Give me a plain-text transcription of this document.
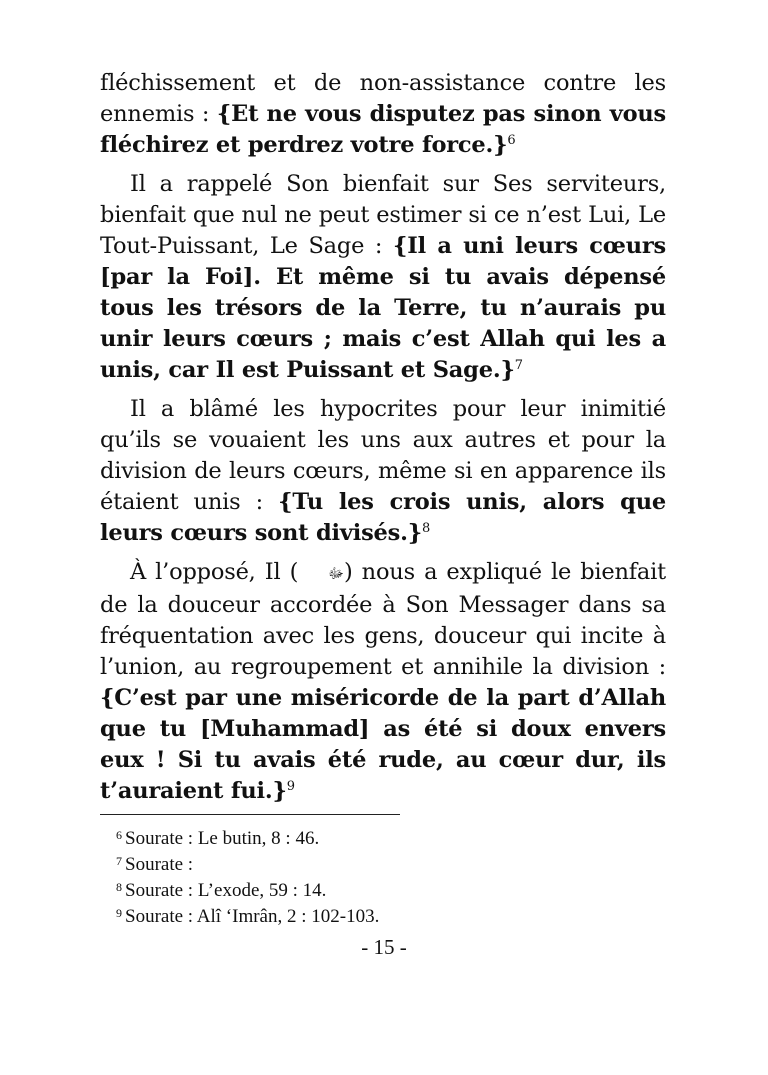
fléchissement et de non-assistance contre les ennemis : {Et ne vous disputez pas sinon vous fléchirez et perdrez votre force.}$^6$

Il a rappelé Son bienfait sur Ses serviteurs, bienfait que nul ne peut estimer si ce n’est Lui, Le Tout-Puissant, Le Sage : {Il a uni leurs cœurs [par la Foi]. Et même si tu avais dépensé tous les trésors de la Terre, tu n’aurais pu unir leurs cœurs ; mais c’est Allah qui les a unis, car Il est Puissant et Sage.}$^7$

Il a blâmé les hypocrites pour leur inimitié qu’ils se vouaient les uns aux autres et pour la division de leurs cœurs, même si en apparence ils étaient unis : {Tu les crois unis, alors que leurs cœurs sont divisés.}$^8$

À l’opposé, Il ( ﷻ) nous a expliqué le bienfait de la douceur accordée à Son Messager dans sa fréquentation avec les gens, douceur qui incite à l’union, au regroupement et annihile la division : {C’est par une miséricorde de la part d’Allah que tu [Muhammad] as été si doux envers eux ! Si tu avais été rude, au cœur dur, ils t’auraient fui.}$^9$

$^6$ Sourate : Le butin, 8 : 46.
$^7$ Sourate :
$^8$ Sourate : L’exode, 59 : 14.
$^9$ Sourate : Alî ‘Imrân, 2 : 102-103.
- 15 -
